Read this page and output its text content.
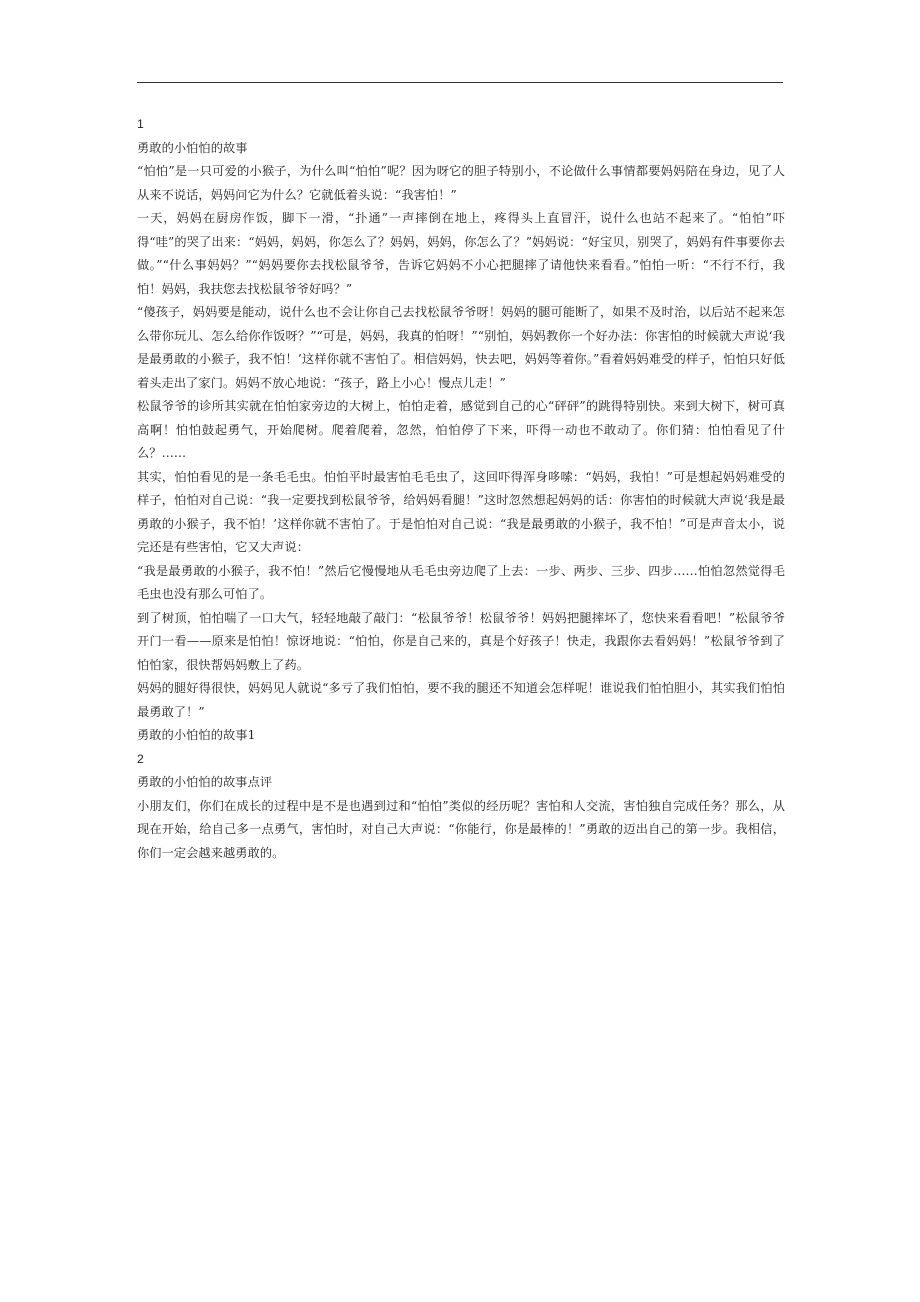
1

勇敢的小怕怕的故事

“怕怕”是一只可爱的小猴子，为什么叫“怕怕”呢？因为呀它的胆子特别小，不论做什么事情都要妈妈陪在身边，见了人从来不说话，妈妈问它为什么？它就低着头说：“我害怕！”

一天，妈妈在厨房作饭，脚下一滑，“扑通”一声摔倒在地上，疼得头上直冒汗，说什么也站不起来了。“怕怕”吓得“哇”的哭了出来：“妈妈，妈妈，你怎么了？妈妈，妈妈，你怎么了？”妈妈说：“好宝贝，别哭了，妈妈有件事要你去做。”“什么事妈妈？”“妈妈要你去找松鼠爷爷，告诉它妈妈不小心把腿摔了请他快来看看。”怕怕一听：“不行不行，我怕！妈妈，我扶您去找松鼠爷爷好吗？”

“傻孩子，妈妈要是能动，说什么也不会让你自己去找松鼠爷爷呀！妈妈的腿可能断了，如果不及时治，以后站不起来怎么带你玩儿、怎么给你作饭呀？”“可是，妈妈，我真的怕呀！”“别怕，妈妈教你一个好办法：你害怕的时候就大声说‘我是最勇敢的小猴子，我不怕！’这样你就不害怕了。相信妈妈，快去吧，妈妈等着你。”看着妈妈难受的样子，怕怕只好低着头走出了家门。妈妈不放心地说：“孩子，路上小心！慢点儿走！”

松鼠爷爷的诊所其实就在怕怕家旁边的大树上，怕怕走着，感觉到自己的心“砰砰”的跳得特别快。来到大树下，树可真高啊！怕怕鼓起勇气，开始爬树。爬着爬着，忽然，怕怕停了下来，吓得一动也不敢动了。你们猜：怕怕看见了什么？……

其实，怕怕看见的是一条毛毛虫。怕怕平时最害怕毛毛虫了，这回吓得浑身哆嗦：“妈妈，我怕！”可是想起妈妈难受的样子，怕怕对自己说：“我一定要找到松鼠爷爷，给妈妈看腿！”这时忽然想起妈妈的话：你害怕的时候就大声说‘我是最勇敢的小猴子，我不怕！’这样你就不害怕了。于是怕怕对自己说：“我是最勇敢的小猴子，我不怕！”可是声音太小，说完还是有些害怕，它又大声说：

“我是最勇敢的小猴子，我不怕！”然后它慢慢地从毛毛虫旁边爬了上去：一步、两步、三步、四步……怕怕忽然觉得毛毛虫也没有那么可怕了。

到了树顶，怕怕喘了一口大气，轻轻地敲了敲门：“松鼠爷爷！松鼠爷爷！妈妈把腿摔坏了，您快来看看吧！”松鼠爷爷开门一看——原来是怕怕！惊讶地说：“怕怕，你是自己来的，真是个好孩子！快走，我跟你去看妈妈！”松鼠爷爷到了怕怕家，很快帮妈妈敷上了药。

妈妈的腿好得很快，妈妈见人就说“多亏了我们怕怕，要不我的腿还不知道会怎样呢！谁说我们怕怕胆小，其实我们怕怕最勇敢了！”

勇敢的小怕怕的故事1

2

勇敢的小怕怕的故事点评

小朋友们，你们在成长的过程中是不是也遇到过和“怕怕”类似的经历呢？害怕和人交流，害怕独自完成任务？那么，从现在开始，给自己多一点勇气，害怕时，对自己大声说：“你能行，你是最棒的！”勇敢的迈出自己的第一步。我相信，你们一定会越来越勇敢的。
